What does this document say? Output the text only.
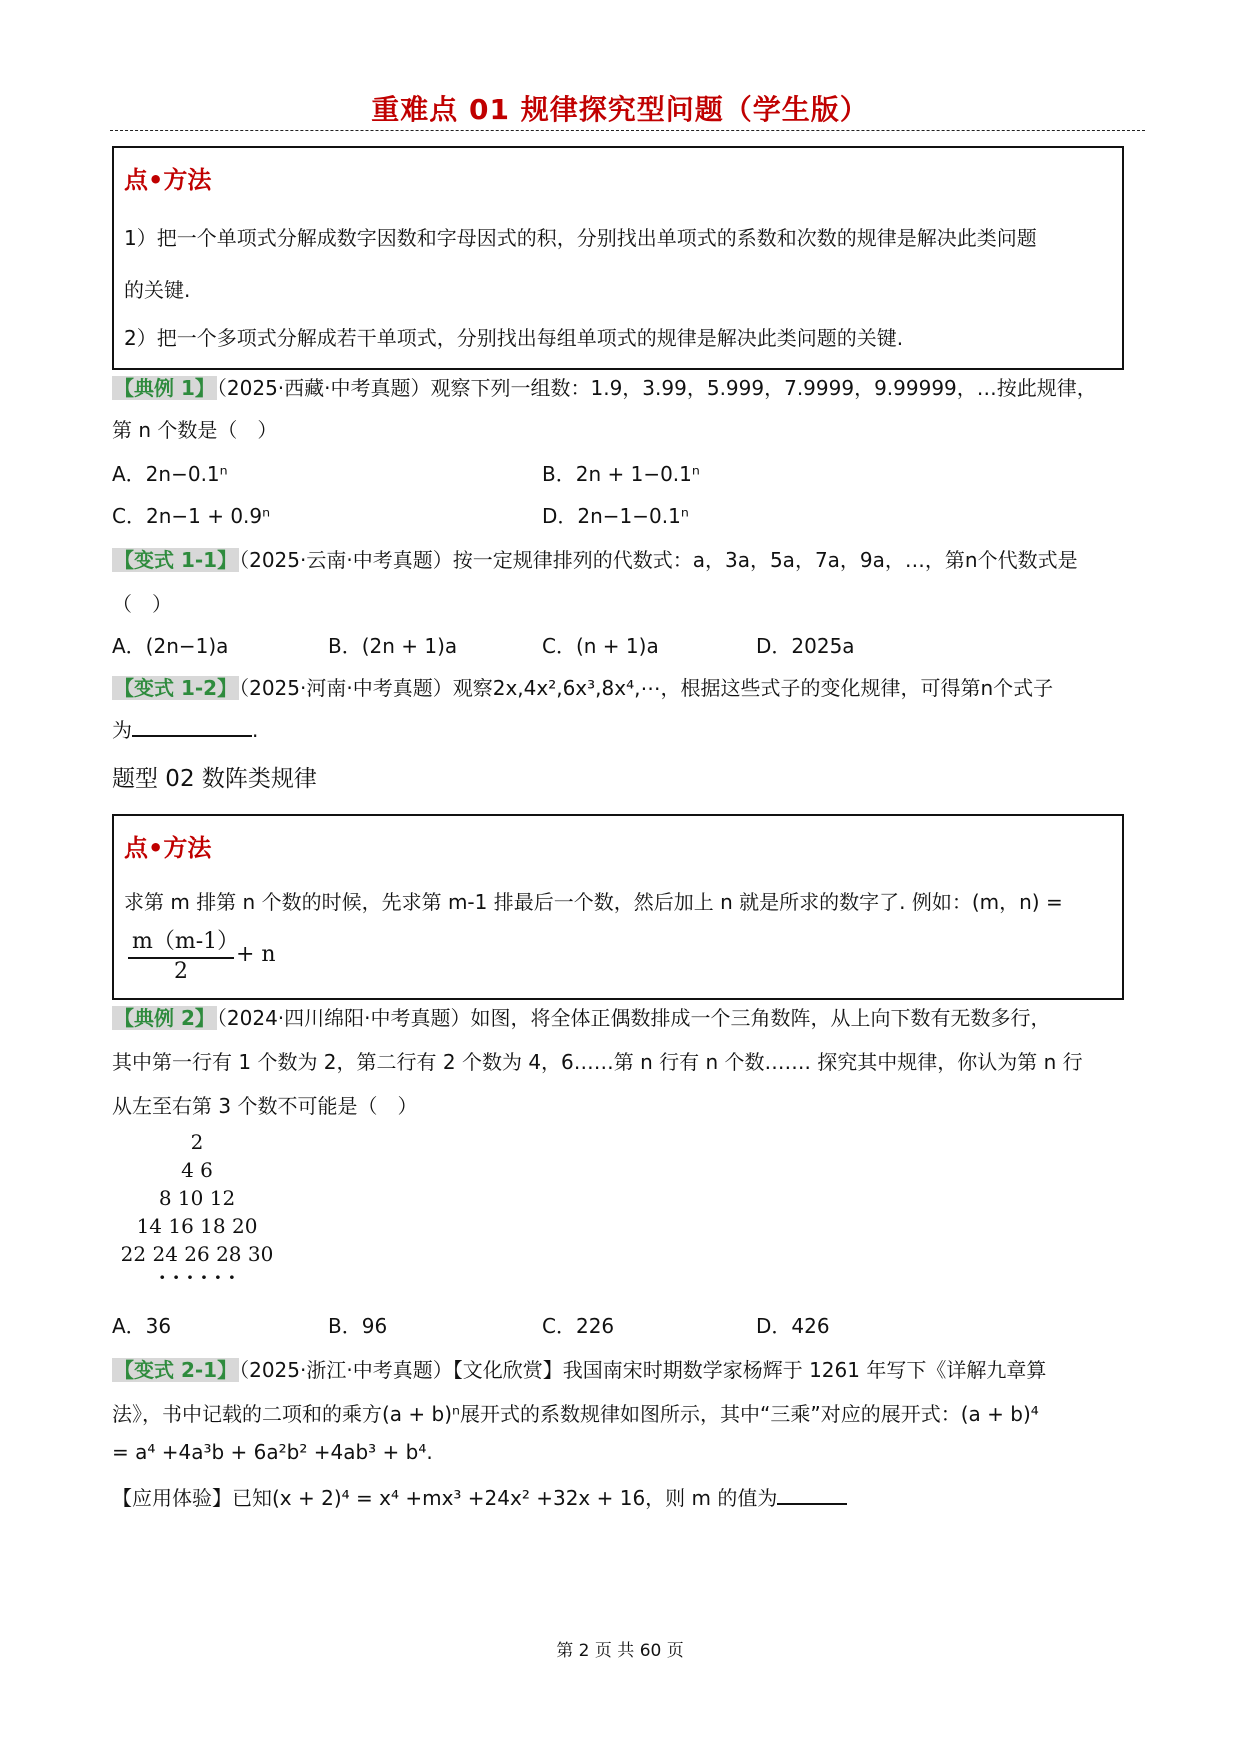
重难点 01 规律探究型问题（学生版）
点•方法
1）把一个单项式分解成数字因数和字母因式的积，分别找出单项式的系数和次数的规律是解决此类问题
的关键.
2）把一个多项式分解成若干单项式，分别找出每组单项式的规律是解决此类问题的关键.
【典例 1】 （2025·西藏·中考真题）观察下列一组数：1.9，3.99，5.999，7.9999，9.99999，…按此规律，
第 n 个数是（　）
A．2n−0.1ⁿ	B．2n + 1−0.1ⁿ
C．2n−1 + 0.9ⁿ	D．2n−1−0.1ⁿ
【变式 1-1】 （2025·云南·中考真题）按一定规律排列的代数式：a，3a，5a，7a，9a，…，第n个代数式是
（　）
A．(2n−1)a	B．(2n + 1)a	C．(n + 1)a	D．2025a
【变式 1-2】 （2025·河南·中考真题）观察2x,4x²,6x³,8x⁴,⋯，根据这些式子的变化规律，可得第n个式子
为	.
题型 02 数阵类规律
点•方法
求第 m 排第 n 个数的时候，先求第 m-1 排最后一个数，然后加上 n 就是所求的数字了. 例如：(m，n) =
m（m-1）
2
+ n
【典例 2】 （2024·四川绵阳·中考真题）如图，将全体正偶数排成一个三角数阵，从上向下数有无数多行，
其中第一行有 1 个数为 2，第二行有 2 个数为 4，6……第 n 行有 n 个数……. 探究其中规律，你认为第 n 行
从左至右第 3 个数不可能是（　）
2
4 6
8 10 12
14 16 18 20
22 24 26 28 30
· · · · · ·
A．36	B．96	C．226	D．426
【变式 2-1】 （2025·浙江·中考真题）【文化欣赏】我国南宋时期数学家杨辉于 1261 年写下《详解九章算
法》，书中记载的二项和的乘方(a + b)ⁿ展开式的系数规律如图所示，其中“三乘”对应的展开式：(a + b)⁴
= a⁴ +4a³b + 6a²b² +4ab³ + b⁴.
【应用体验】已知(x + 2)⁴ = x⁴ +mx³ +24x² +32x + 16，则 m 的值为
第 2 页 共 60 页
